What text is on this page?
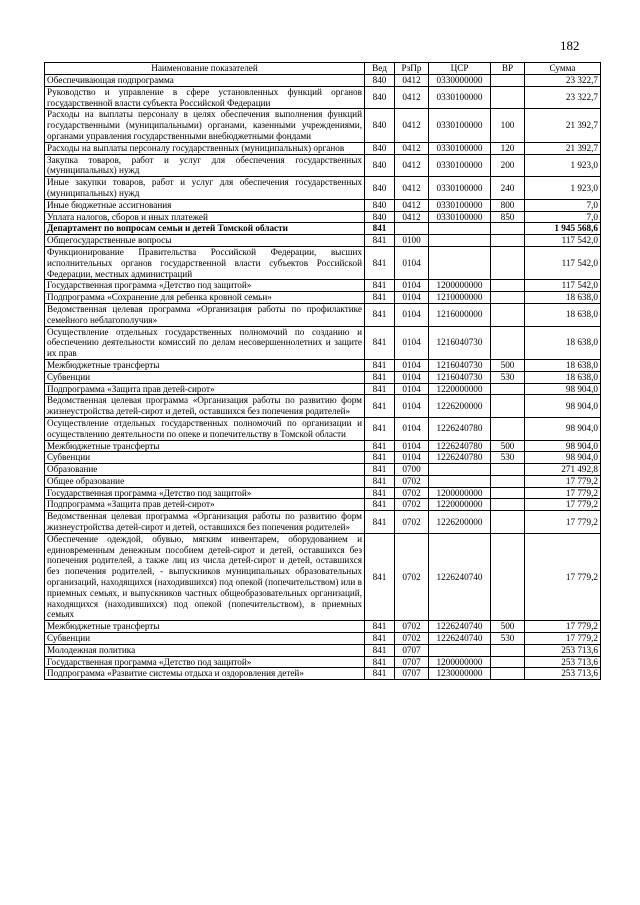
182
Наименование показателей	Вед	РзПр	ЦСР	ВР	Сумма
Обеспечивающая подпрограмма	840	0412	0330000000		23 322,7
Руководство и управление в сфере установленных функций органов государственной власти субъекта Российской Федерации	840	0412	0330100000		23 322,7
Расходы на выплаты персоналу в целях обеспечения выполнения функций государственными (муниципальными) органами, казенными учреждениями, органами управления государственными внебюджетными фондами	840	0412	0330100000	100	21 392,7
Расходы на выплаты персоналу государственных (муниципальных) органов	840	0412	0330100000	120	21 392,7
Закупка товаров, работ и услуг для обеспечения государственных (муниципальных) нужд	840	0412	0330100000	200	1 923,0
Иные закупки товаров, работ и услуг для обеспечения государственных (муниципальных) нужд	840	0412	0330100000	240	1 923,0
Иные бюджетные ассигнования	840	0412	0330100000	800	7,0
Уплата налогов, сборов и иных платежей	840	0412	0330100000	850	7,0
Департамент по вопросам семьи и детей Томской области	841				1 945 568,6
Общегосударственные вопросы	841	0100			117 542,0
Функционирование Правительства Российской Федерации, высших исполнительных органов государственной власти субъектов Российской Федерации, местных администраций	841	0104			117 542,0
Государственная программа «Детство под защитой»	841	0104	1200000000		117 542,0
Подпрограмма «Сохранение для ребенка кровной семьи»	841	0104	1210000000		18 638,0
Ведомственная целевая программа «Организация работы по профилактике семейного неблагополучия»	841	0104	1216000000		18 638,0
Осуществление отдельных государственных полномочий по созданию и обеспечению деятельности комиссий по делам несовершеннолетних и защите их прав	841	0104	1216040730		18 638,0
Межбюджетные трансферты	841	0104	1216040730	500	18 638,0
Субвенции	841	0104	1216040730	530	18 638,0
Подпрограмма «Защита прав детей-сирот»	841	0104	1220000000		98 904,0
Ведомственная целевая программа «Организация работы по развитию форм жизнеустройства детей-сирот и детей, оставшихся без попечения родителей»	841	0104	1226200000		98 904,0
Осуществление отдельных государственных полномочий по организации и осуществлению деятельности по опеке и попечительству в Томской области	841	0104	1226240780		98 904,0
Межбюджетные трансферты	841	0104	1226240780	500	98 904,0
Субвенции	841	0104	1226240780	530	98 904,0
Образование	841	0700			271 492,8
Общее образование	841	0702			17 779,2
Государственная программа «Детство под защитой»	841	0702	1200000000		17 779,2
Подпрограмма «Защита прав детей-сирот»	841	0702	1220000000		17 779,2
Ведомственная целевая программа «Организация работы по развитию форм жизнеустройства детей-сирот и детей, оставшихся без попечения родителей»	841	0702	1226200000		17 779,2
Обеспечение одеждой, обувью, мягким инвентарем, оборудованием и единовременным денежным пособием детей-сирот и детей, оставшихся без попечения родителей, а также лиц из числа детей-сирот и детей, оставшихся без попечения родителей, - выпускников муниципальных образовательных организаций, находящихся (находившихся) под опекой (попечительством) или в приемных семьях, и выпускников частных общеобразовательных организаций, находящихся (находившихся) под опекой (попечительством), в приемных семьях	841	0702	1226240740		17 779,2
Межбюджетные трансферты	841	0702	1226240740	500	17 779,2
Субвенции	841	0702	1226240740	530	17 779,2
Молодежная политика	841	0707			253 713,6
Государственная программа «Детство под защитой»	841	0707	1200000000		253 713,6
Подпрограмма «Развитие системы отдыха и оздоровления детей»	841	0707	1230000000		253 713,6
